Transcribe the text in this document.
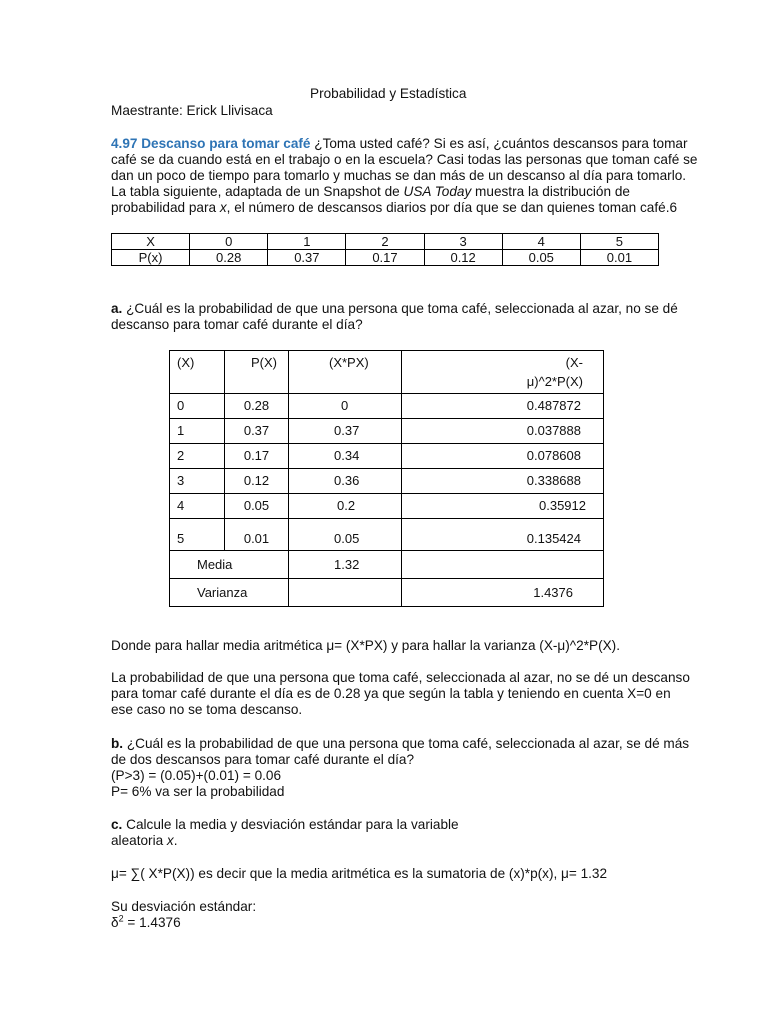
Probabilidad y Estadística
Maestrante: Erick Llivisaca
4.97 Descanso para tomar café ¿Toma usted café? Si es así, ¿cuántos descansos para tomar
café se da cuando está en el trabajo o en la escuela? Casi todas las personas que toman café se
dan un poco de tiempo para tomarlo y muchas se dan más de un descanso al día para tomarlo.
La tabla siguiente, adaptada de un Snapshot de USA Today muestra la distribución de
probabilidad para x, el número de descansos diarios por día que se dan quienes toman café.6
X	0	1	2	3	4	5
P(x)	0.28	0.37	0.17	0.12	0.05	0.01
a. ¿Cuál es la probabilidad de que una persona que toma café, seleccionada al azar, no se dé
descanso para tomar café durante el día?
(X)	P(X)	(X*PX)	(X-
μ)^2*P(X)

0	0.28	0	0.487872
1	0.37	0.37	0.037888
2	0.17	0.34	0.078608
3	0.12	0.36	0.338688
4	0.05	0.2	0.35912
5	0.01	0.05	0.135424
Media		1.32	
Varianza			1.4376
Donde para hallar media aritmética μ= (X*PX) y para hallar la varianza (X-μ)^2*P(X).
La probabilidad de que una persona que toma café, seleccionada al azar, no se dé un descanso
para tomar café durante el día es de 0.28 ya que según la tabla y teniendo en cuenta X=0 en
ese caso no se toma descanso.
b. ¿Cuál es la probabilidad de que una persona que toma café, seleccionada al azar, se dé más
de dos descansos para tomar café durante el día?
(P>3) = (0.05)+(0.01) = 0.06
P= 6% va ser la probabilidad
c. Calcule la media y desviación estándar para la variable
aleatoria x.
μ= ∑( X*P(X)) es decir que la media aritmética es la sumatoria de (x)*p(x), μ= 1.32
Su desviación estándar:
$\delta^2 = 1.4376$
